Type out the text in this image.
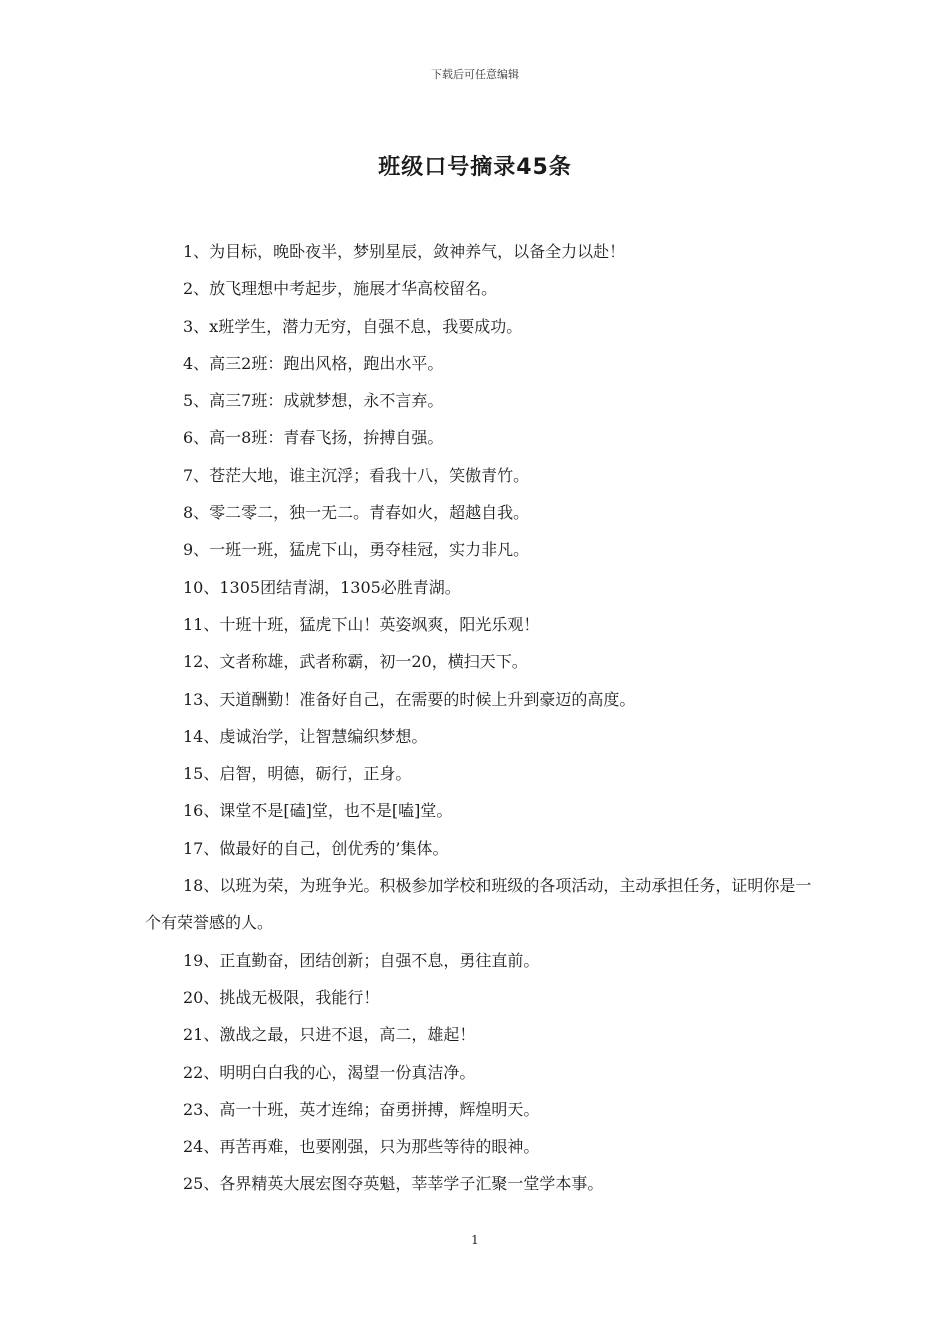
下载后可任意编辑
班级口号摘录45条

1、为目标，晚卧夜半，梦别星辰，敛神养气，以备全力以赴！

2、放飞理想中考起步，施展才华高校留名。

3、x班学生，潜力无穷，自强不息，我要成功。

4、高三2班：跑出风格，跑出水平。

5、高三7班：成就梦想，永不言弃。

6、高一8班：青春飞扬，拚搏自强。

7、苍茫大地，谁主沉浮；看我十八，笑傲青竹。

8、零二零二，独一无二。青春如火，超越自我。

9、一班一班，猛虎下山，勇夺桂冠，实力非凡。

10、1305团结青湖，1305必胜青湖。

11、十班十班，猛虎下山！英姿飒爽，阳光乐观！

12、文者称雄，武者称霸，初一20，横扫天下。

13、天道酬勤！准备好自己，在需要的时候上升到豪迈的高度。

14、虔诚治学，让智慧编织梦想。

15、启智，明德，砺行，正身。

16、课堂不是[磕]堂，也不是[嗑]堂。

17、做最好的自己，创优秀的’集体。

18、以班为荣，为班争光。积极参加学校和班级的各项活动，主动承担任务，证明你是一个有荣誉感的人。

19、正直勤奋，团结创新；自强不息，勇往直前。

20、挑战无极限，我能行！

21、激战之最，只进不退，高二，雄起！

22、明明白白我的心，渴望一份真洁净。

23、高一十班，英才连绵；奋勇拼搏，辉煌明天。

24、再苦再难，也要刚强，只为那些等待的眼神。

25、各界精英大展宏图夺英魁，莘莘学子汇聚一堂学本事。

1
